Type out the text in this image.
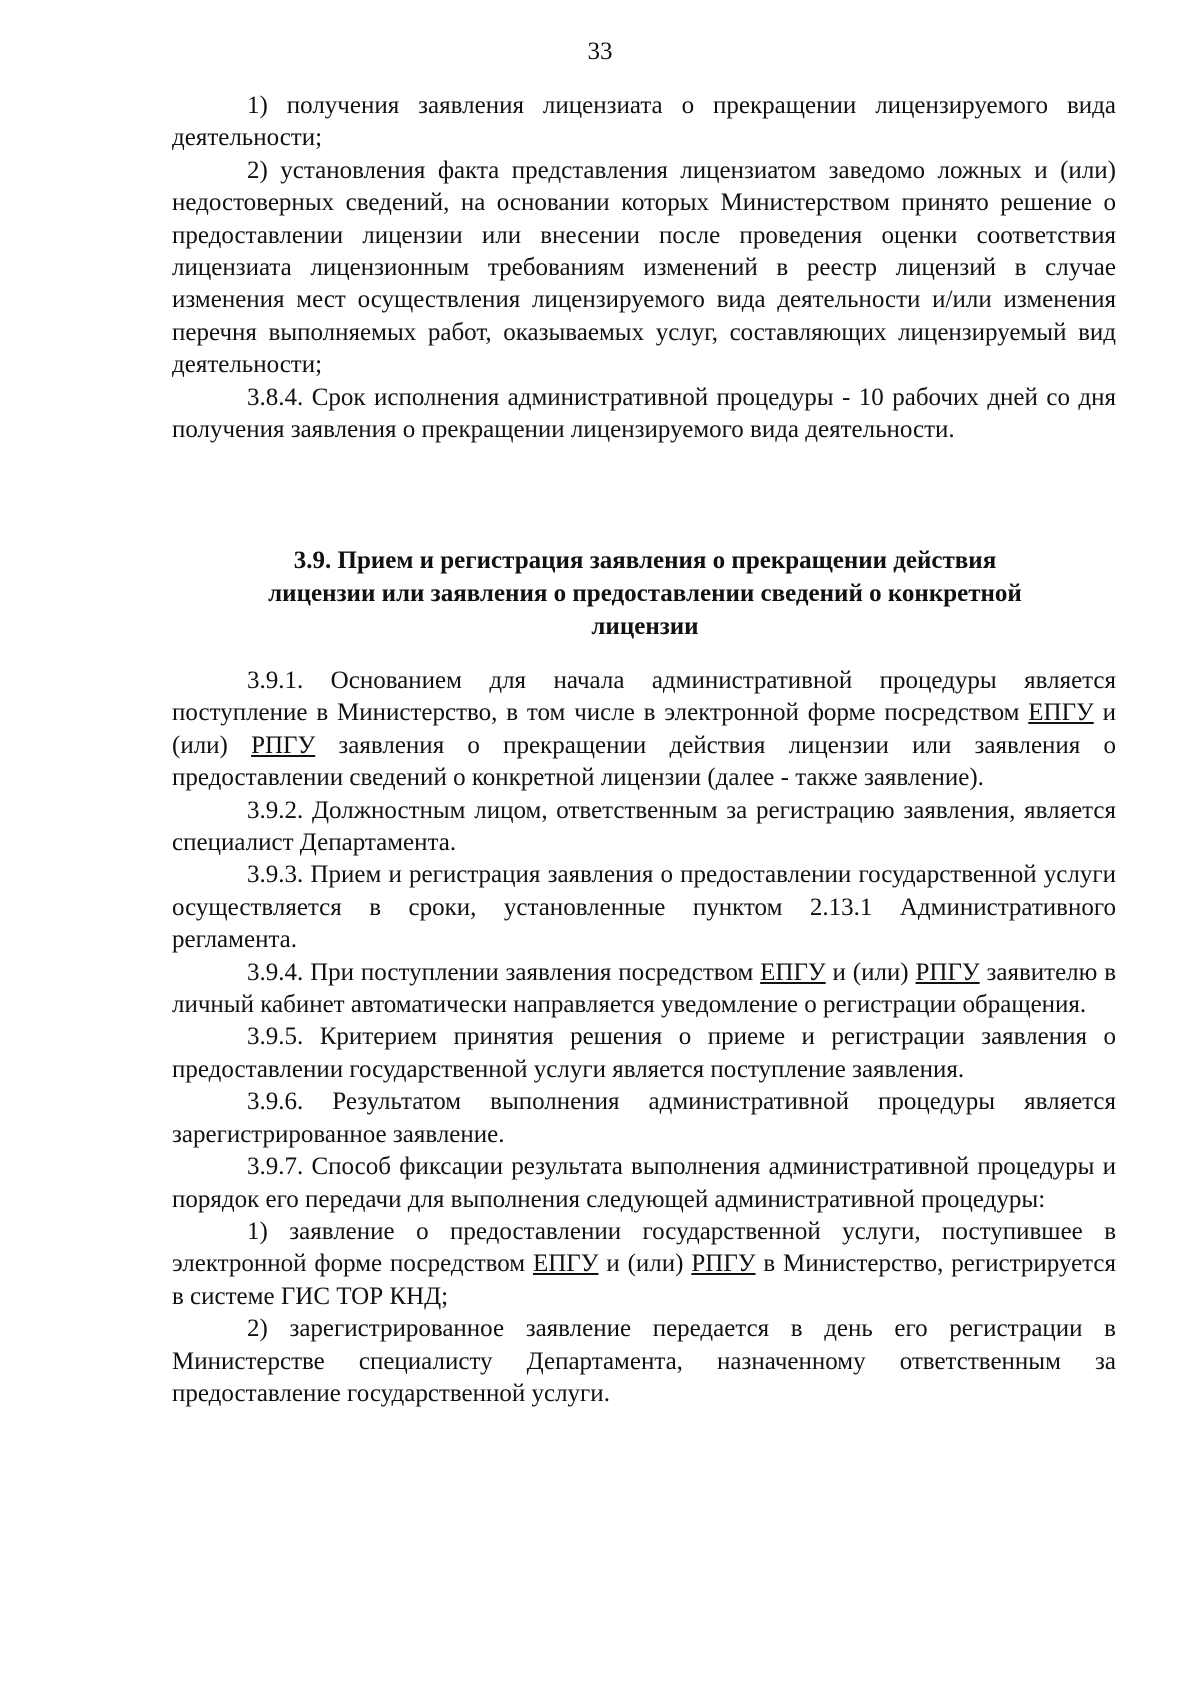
33

1) получения заявления лицензиата о прекращении лицензируемого вида деятельности;

2) установления факта представления лицензиатом заведомо ложных и (или) недостоверных сведений, на основании которых Министерством принято решение о предоставлении лицензии или внесении после проведения оценки соответствия лицензиата лицензионным требованиям изменений в реестр лицензий в случае изменения мест осуществления лицензируемого вида деятельности и/или изменения перечня выполняемых работ, оказываемых услуг, составляющих лицензируемый вид деятельности;

3.8.4. Срок исполнения административной процедуры - 10 рабочих дней со дня получения заявления о прекращении лицензируемого вида деятельности.

3.9. Прием и регистрация заявления о прекращении действия
лицензии или заявления о предоставлении сведений о конкретной
лицензии

3.9.1. Основанием для начала административной процедуры является поступление в Министерство, в том числе в электронной форме посредством ЕПГУ и (или) РПГУ заявления о прекращении действия лицензии или заявления о предоставлении сведений о конкретной лицензии (далее - также заявление).

3.9.2. Должностным лицом, ответственным за регистрацию заявления, является специалист Департамента.

3.9.3. Прием и регистрация заявления о предоставлении государственной услуги осуществляется в сроки, установленные пунктом 2.13.1 Административного регламента.

3.9.4. При поступлении заявления посредством ЕПГУ и (или) РПГУ заявителю в личный кабинет автоматически направляется уведомление о регистрации обращения.

3.9.5. Критерием принятия решения о приеме и регистрации заявления о предоставлении государственной услуги является поступление заявления.

3.9.6. Результатом выполнения административной процедуры является зарегистрированное заявление.

3.9.7. Способ фиксации результата выполнения административной процедуры и порядок его передачи для выполнения следующей административной процедуры:

1) заявление о предоставлении государственной услуги, поступившее в электронной форме посредством ЕПГУ и (или) РПГУ в Министерство, регистрируется в системе ГИС ТОР КНД;

2) зарегистрированное заявление передается в день его регистрации в Министерстве специалисту Департамента, назначенному ответственным за предоставление государственной услуги.
